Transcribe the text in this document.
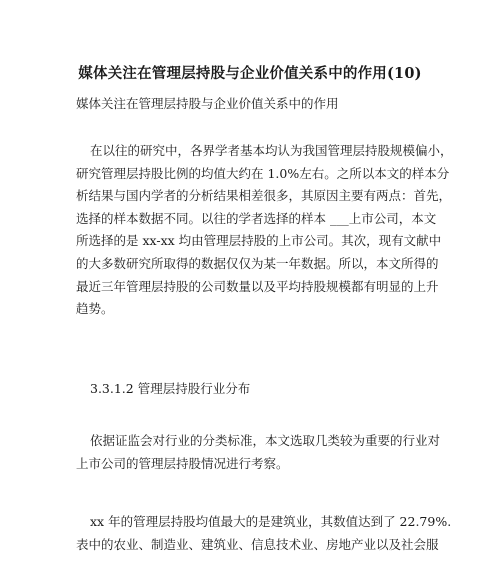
媒体关注在管理层持股与企业价值关系中的作用(10)

媒体关注在管理层持股与企业价值关系中的作用

在以往的研究中，各界学者基本均认为我国管理层持股规模偏小，
研究管理层持股比例的均值大约在 1.0%左右。之所以本文的样本分
析结果与国内学者的分析结果相差很多，其原因主要有两点：首先，
选择的样本数据不同。以往的学者选择的样本 ___上市公司，本文
所选择的是 xx-xx 均由管理层持股的上市公司。其次，现有文献中
的大多数研究所取得的数据仅仅为某一年数据。所以，本文所得的
最近三年管理层持股的公司数量以及平均持股规模都有明显的上升
趋势。

3.3.1.2 管理层持股行业分布

依据证监会对行业的分类标准，本文选取几类较为重要的行业对
上市公司的管理层持股情况进行考察。

xx 年的管理层持股均值最大的是建筑业，其数值达到了 22.79%.
表中的农业、制造业、建筑业、信息技术业、房地产业以及社会服
